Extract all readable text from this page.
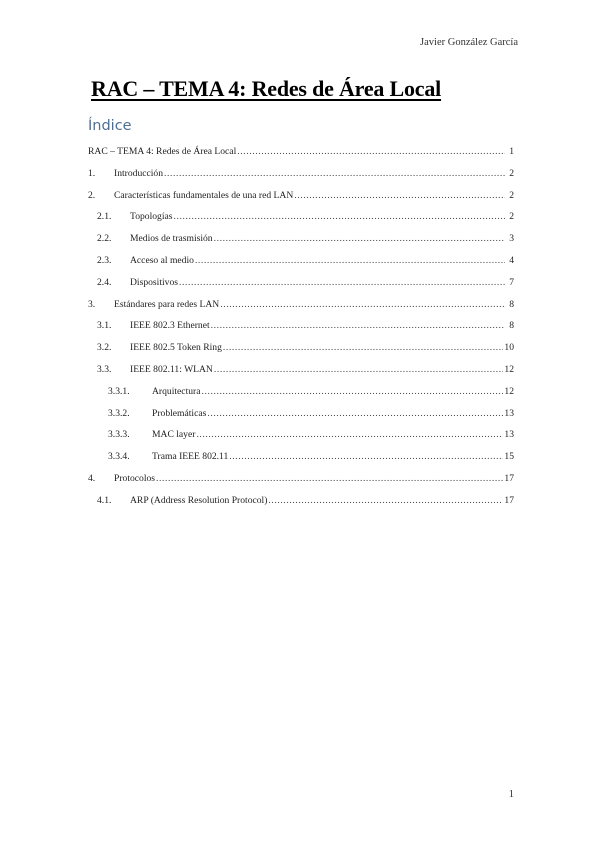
Javier González García
RAC – TEMA 4: Redes de Área Local
Índice
RAC – TEMA 4: Redes de Área Local .....	1
1.	Introducción .....	2
2.	Características fundamentales de una red LAN .....	2
2.1.	Topologías .....	2
2.2.	Medios de trasmisión .....	3
2.3.	Acceso al medio .....	4
2.4.	Dispositivos .....	7
3.	Estándares para redes LAN .....	8
3.1.	IEEE 802.3 Ethernet .....	8
3.2.	IEEE 802.5 Token Ring .....	10
3.3.	IEEE 802.11: WLAN .....	12
3.3.1.	Arquitectura .....	12
3.3.2.	Problemáticas .....	13
3.3.3.	MAC layer .....	13
3.3.4.	Trama IEEE 802.11 .....	15
4.	Protocolos .....	17
4.1.	ARP (Address Resolution Protocol) .....	17
1
